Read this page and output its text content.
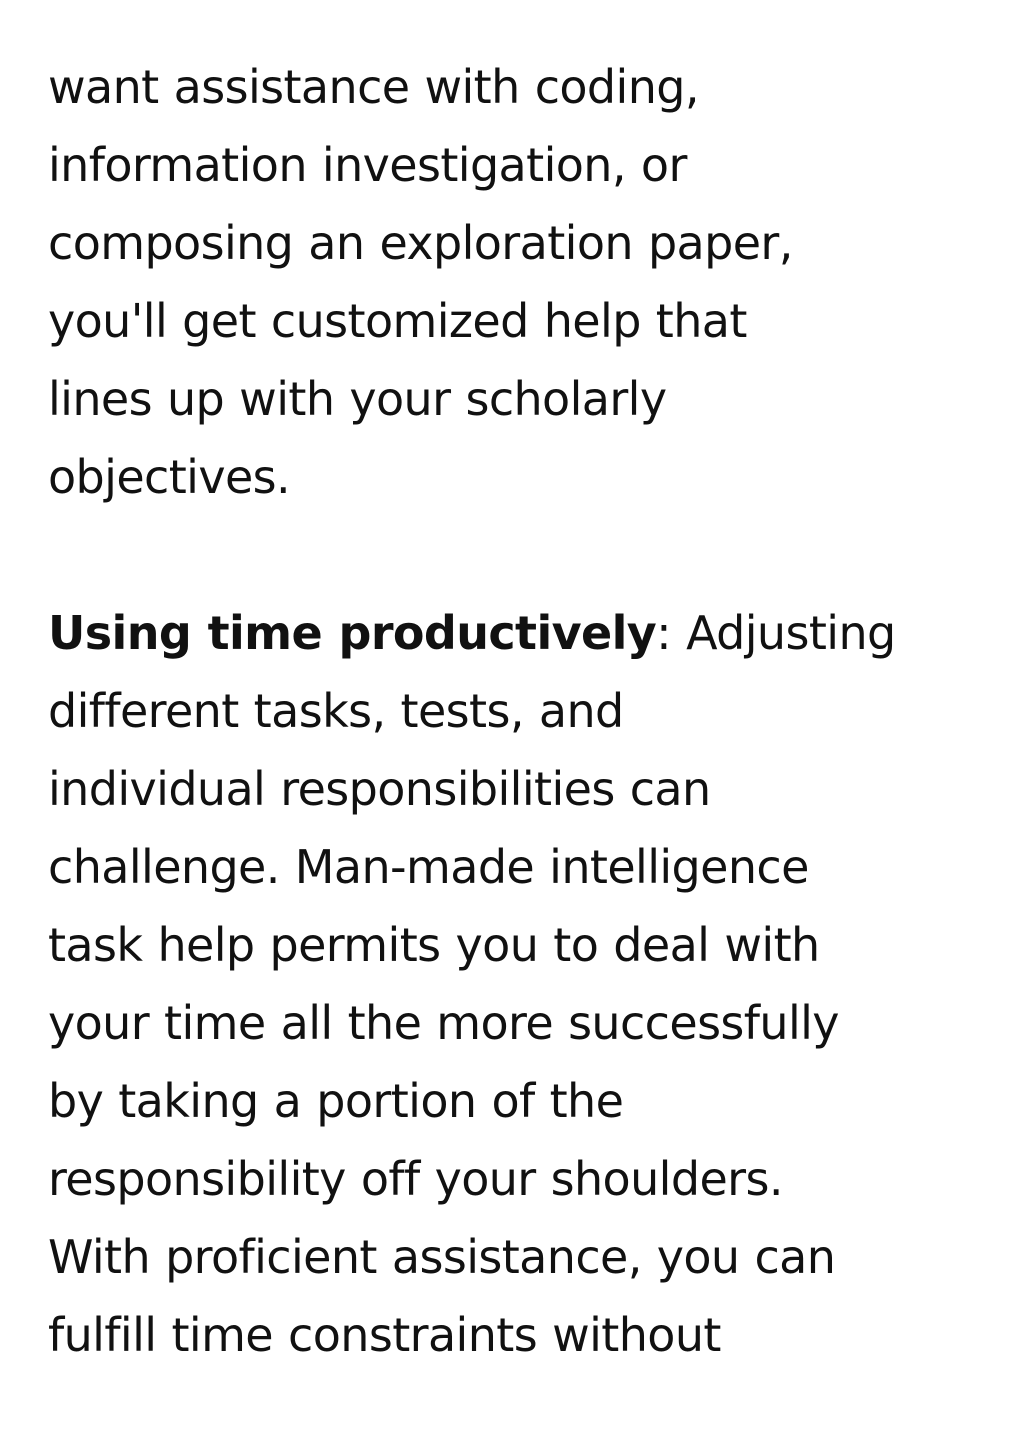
want assistance with coding,
information investigation, or
composing an exploration paper,
you'll get customized help that
lines up with your scholarly
objectives.

Using time productively: Adjusting
different tasks, tests, and
individual responsibilities can
challenge. Man-made intelligence
task help permits you to deal with
your time all the more successfully
by taking a portion of the
responsibility off your shoulders.
With proficient assistance, you can
fulfill time constraints without
